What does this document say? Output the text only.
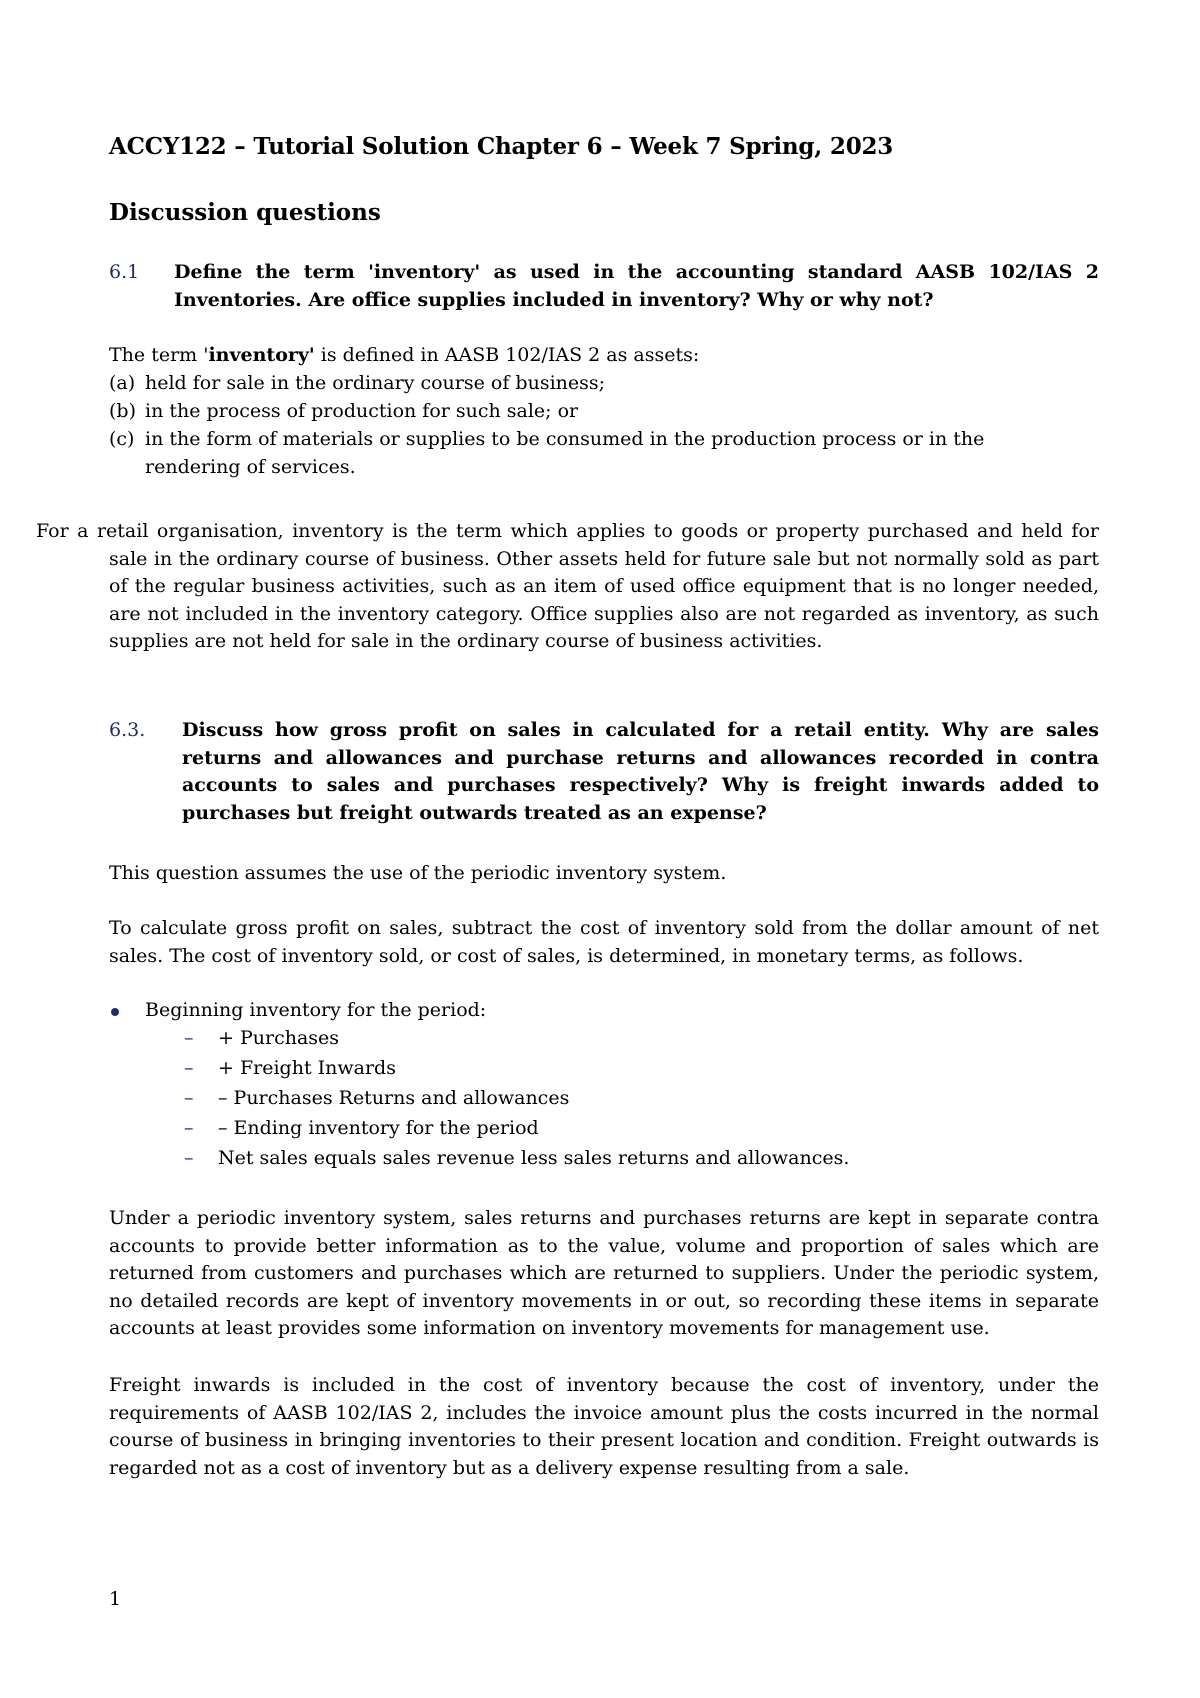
ACCY122 – Tutorial Solution Chapter 6 – Week 7 Spring, 2023
Discussion questions
6.1 Define the term 'inventory' as used in the accounting standard AASB 102/IAS 2 Inventories. Are office supplies included in inventory? Why or why not?
The term 'inventory' is defined in AASB 102/IAS 2 as assets:
(a) held for sale in the ordinary course of business;
(b) in the process of production for such sale; or
(c) in the form of materials or supplies to be consumed in the production process or in the rendering of services.
For a retail organisation, inventory is the term which applies to goods or property purchased and held for sale in the ordinary course of business. Other assets held for future sale but not normally sold as part of the regular business activities, such as an item of used office equipment that is no longer needed, are not included in the inventory category. Office supplies also are not regarded as inventory, as such supplies are not held for sale in the ordinary course of business activities.
6.3. Discuss how gross profit on sales in calculated for a retail entity. Why are sales returns and allowances and purchase returns and allowances recorded in contra accounts to sales and purchases respectively? Why is freight inwards added to purchases but freight outwards treated as an expense?
This question assumes the use of the periodic inventory system.
To calculate gross profit on sales, subtract the cost of inventory sold from the dollar amount of net sales. The cost of inventory sold, or cost of sales, is determined, in monetary terms, as follows.
Beginning inventory for the period:
– + Purchases
– + Freight Inwards
– – Purchases Returns and allowances
– – Ending inventory for the period
– Net sales equals sales revenue less sales returns and allowances.
Under a periodic inventory system, sales returns and purchases returns are kept in separate contra accounts to provide better information as to the value, volume and proportion of sales which are returned from customers and purchases which are returned to suppliers. Under the periodic system, no detailed records are kept of inventory movements in or out, so recording these items in separate accounts at least provides some information on inventory movements for management use.
Freight inwards is included in the cost of inventory because the cost of inventory, under the requirements of AASB 102/IAS 2, includes the invoice amount plus the costs incurred in the normal course of business in bringing inventories to their present location and condition. Freight outwards is regarded not as a cost of inventory but as a delivery expense resulting from a sale.
1
